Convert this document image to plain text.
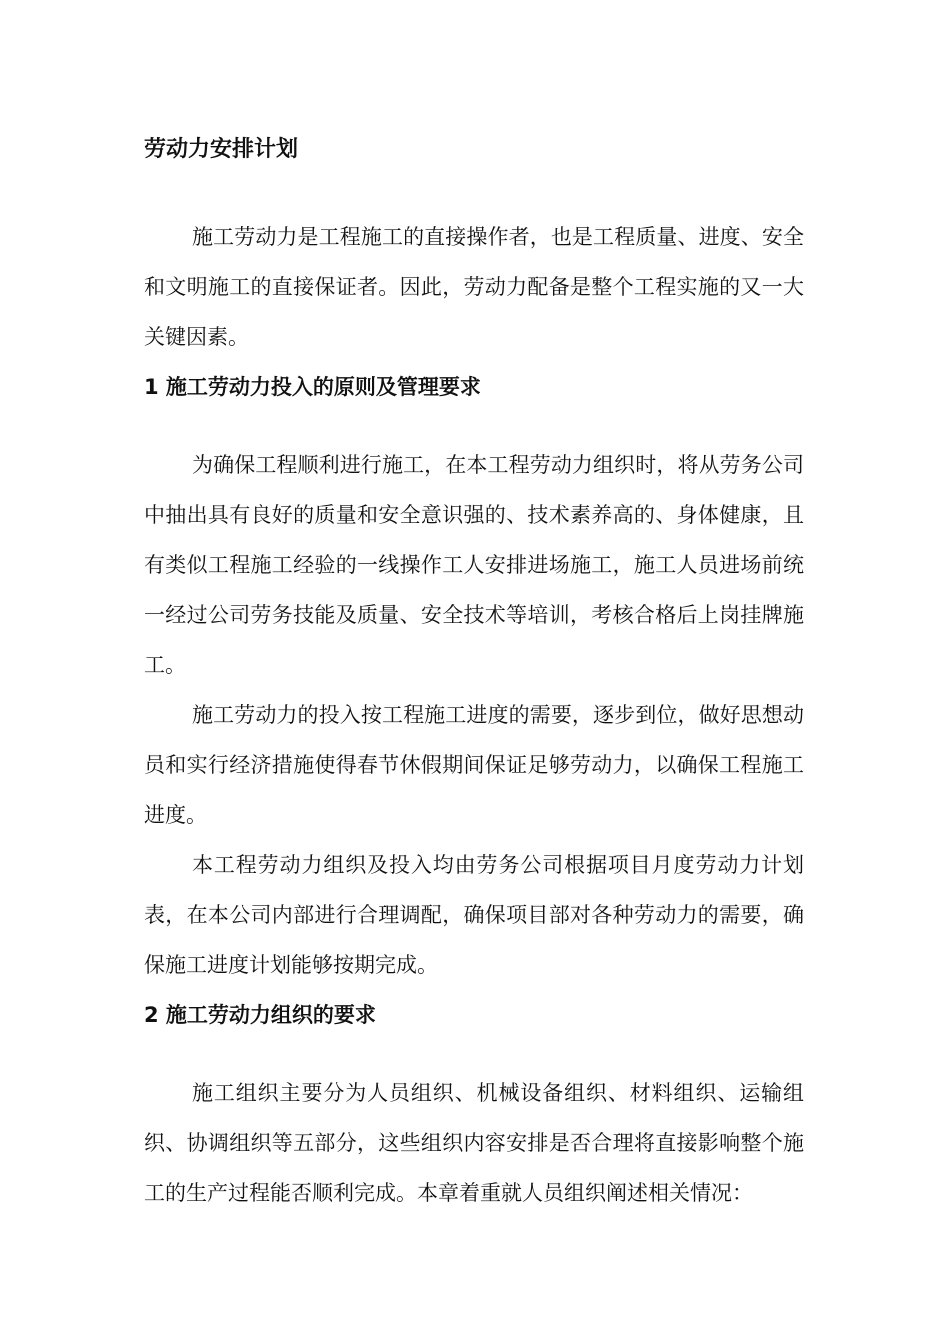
劳动力安排计划

施工劳动力是工程施工的直接操作者，也是工程质量、进度、安全和文明施工的直接保证者。因此，劳动力配备是整个工程实施的又一大关键因素。

1 施工劳动力投入的原则及管理要求

为确保工程顺利进行施工，在本工程劳动力组织时，将从劳务公司中抽出具有良好的质量和安全意识强的、技术素养高的、身体健康，且有类似工程施工经验的一线操作工人安排进场施工，施工人员进场前统一经过公司劳务技能及质量、安全技术等培训，考核合格后上岗挂牌施工。

施工劳动力的投入按工程施工进度的需要，逐步到位，做好思想动员和实行经济措施使得春节休假期间保证足够劳动力，以确保工程施工进度。

本工程劳动力组织及投入均由劳务公司根据项目月度劳动力计划表，在本公司内部进行合理调配，确保项目部对各种劳动力的需要，确保施工进度计划能够按期完成。

2 施工劳动力组织的要求

施工组织主要分为人员组织、机械设备组织、材料组织、运输组织、协调组织等五部分，这些组织内容安排是否合理将直接影响整个施工的生产过程能否顺利完成。本章着重就人员组织阐述相关情况：
